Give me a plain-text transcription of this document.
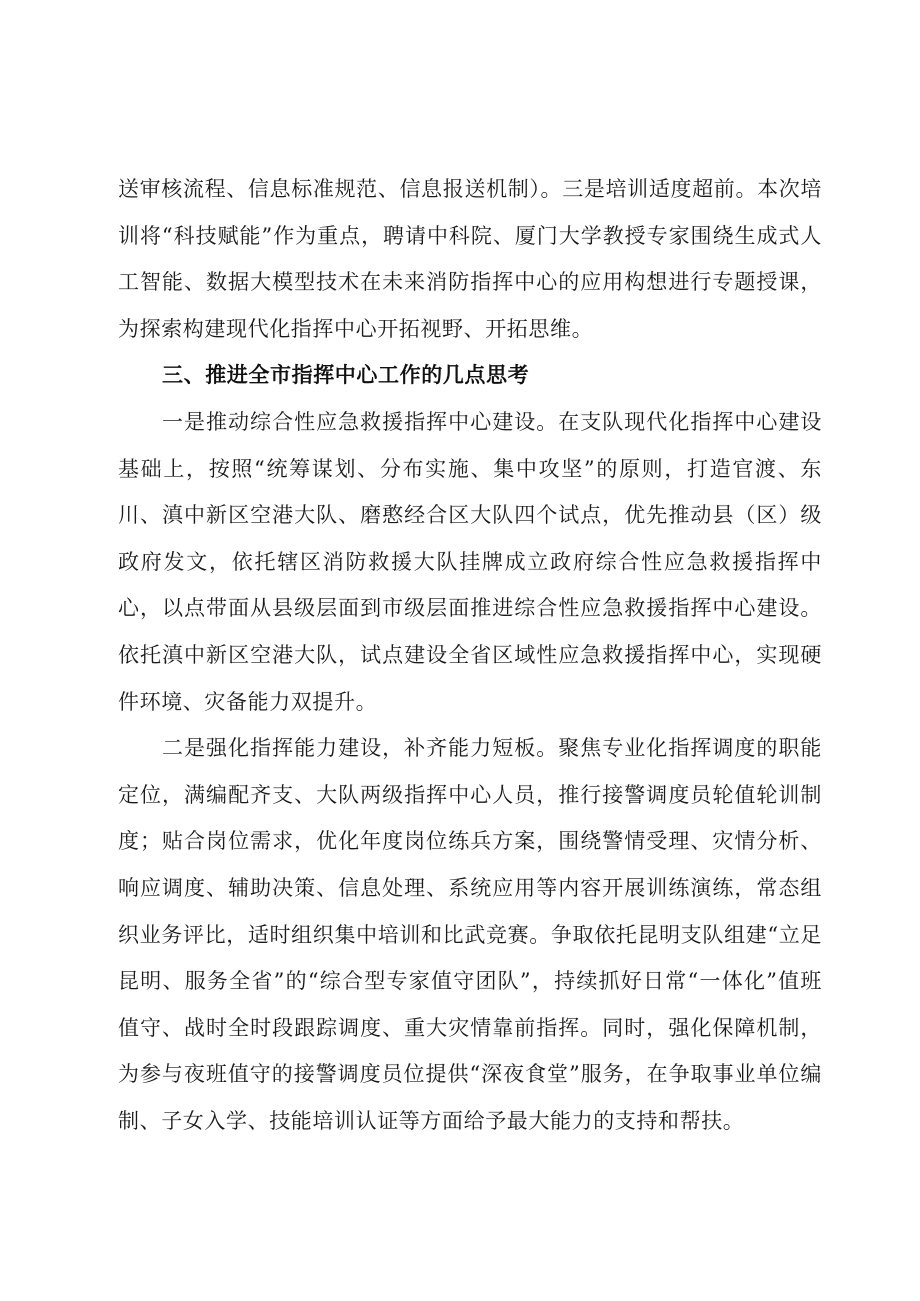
送审核流程、信息标准规范、信息报送机制）。三是培训适度超前。本次培训将“科技赋能”作为重点，聘请中科院、厦门大学教授专家围绕生成式人工智能、数据大模型技术在未来消防指挥中心的应用构想进行专题授课，为探索构建现代化指挥中心开拓视野、开拓思维。

三、推进全市指挥中心工作的几点思考

一是推动综合性应急救援指挥中心建设。在支队现代化指挥中心建设基础上，按照“统筹谋划、分布实施、集中攻坚”的原则，打造官渡、东川、滇中新区空港大队、磨憨经合区大队四个试点，优先推动县（区）级政府发文，依托辖区消防救援大队挂牌成立政府综合性应急救援指挥中心，以点带面从县级层面到市级层面推进综合性应急救援指挥中心建设。依托滇中新区空港大队，试点建设全省区域性应急救援指挥中心，实现硬件环境、灾备能力双提升。

二是强化指挥能力建设，补齐能力短板。聚焦专业化指挥调度的职能定位，满编配齐支、大队两级指挥中心人员，推行接警调度员轮值轮训制度；贴合岗位需求，优化年度岗位练兵方案，围绕警情受理、灾情分析、响应调度、辅助决策、信息处理、系统应用等内容开展训练演练，常态组织业务评比，适时组织集中培训和比武竞赛。争取依托昆明支队组建“立足昆明、服务全省”的“综合型专家值守团队”，持续抓好日常“一体化”值班值守、战时全时段跟踪调度、重大灾情靠前指挥。同时，强化保障机制，为参与夜班值守的接警调度员位提供“深夜食堂”服务，在争取事业单位编制、子女入学、技能培训认证等方面给予最大能力的支持和帮扶。
